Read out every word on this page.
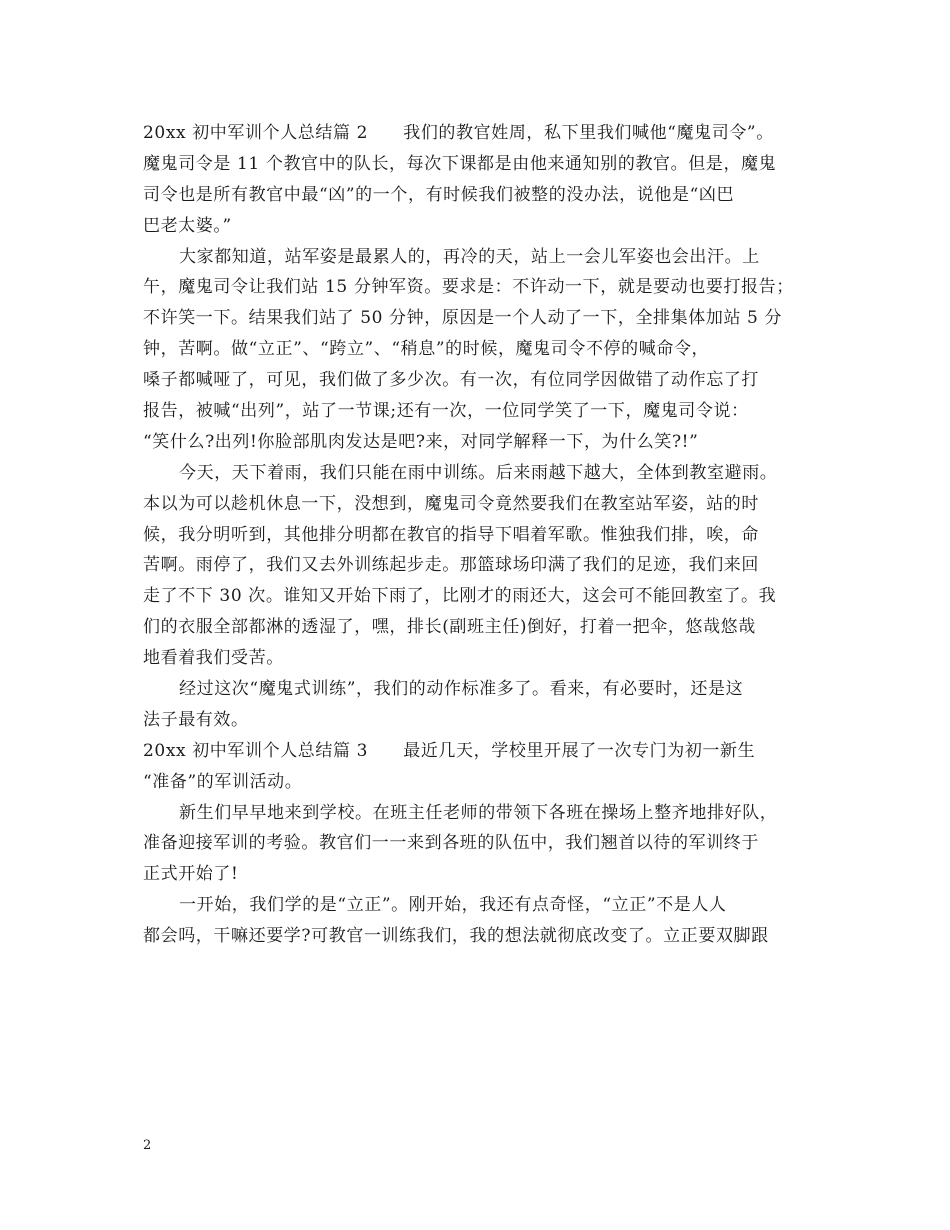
20xx 初中军训个人总结篇 2　　我们的教官姓周，私下里我们喊他“魔鬼司令”。
魔鬼司令是 11 个教官中的队长，每次下课都是由他来通知别的教官。但是，魔鬼
司令也是所有教官中最“凶”的一个，有时候我们被整的没办法，说他是“凶巴
巴老太婆。”
大家都知道，站军姿是最累人的，再冷的天，站上一会儿军姿也会出汗。上
午，魔鬼司令让我们站 15 分钟军资。要求是：不许动一下，就是要动也要打报告；
不许笑一下。结果我们站了 50 分钟，原因是一个人动了一下，全排集体加站 5 分
钟，苦啊。做“立正”、“跨立”、“稍息”的时候，魔鬼司令不停的喊命令，
嗓子都喊哑了，可见，我们做了多少次。有一次，有位同学因做错了动作忘了打
报告，被喊“出列”，站了一节课;还有一次，一位同学笑了一下，魔鬼司令说：
“笑什么?出列!你脸部肌肉发达是吧?来，对同学解释一下，为什么笑?!”
今天，天下着雨，我们只能在雨中训练。后来雨越下越大，全体到教室避雨。
本以为可以趁机休息一下，没想到，魔鬼司令竟然要我们在教室站军姿，站的时
候，我分明听到，其他排分明都在教官的指导下唱着军歌。惟独我们排，唉，命
苦啊。雨停了，我们又去外训练起步走。那篮球场印满了我们的足迹，我们来回
走了不下 30 次。谁知又开始下雨了，比刚才的雨还大，这会可不能回教室了。我
们的衣服全部都淋的透湿了，嘿，排长(副班主任)倒好，打着一把伞，悠哉悠哉
地看着我们受苦。
经过这次“魔鬼式训练”，我们的动作标准多了。看来，有必要时，还是这
法子最有效。
20xx 初中军训个人总结篇 3　　最近几天，学校里开展了一次专门为初一新生
“准备”的军训活动。
新生们早早地来到学校。在班主任老师的带领下各班在操场上整齐地排好队，
准备迎接军训的考验。教官们一一来到各班的队伍中，我们翘首以待的军训终于
正式开始了!
一开始，我们学的是“立正”。刚开始，我还有点奇怪，“立正”不是人人
都会吗，干嘛还要学?可教官一训练我们，我的想法就彻底改变了。立正要双脚跟
2
